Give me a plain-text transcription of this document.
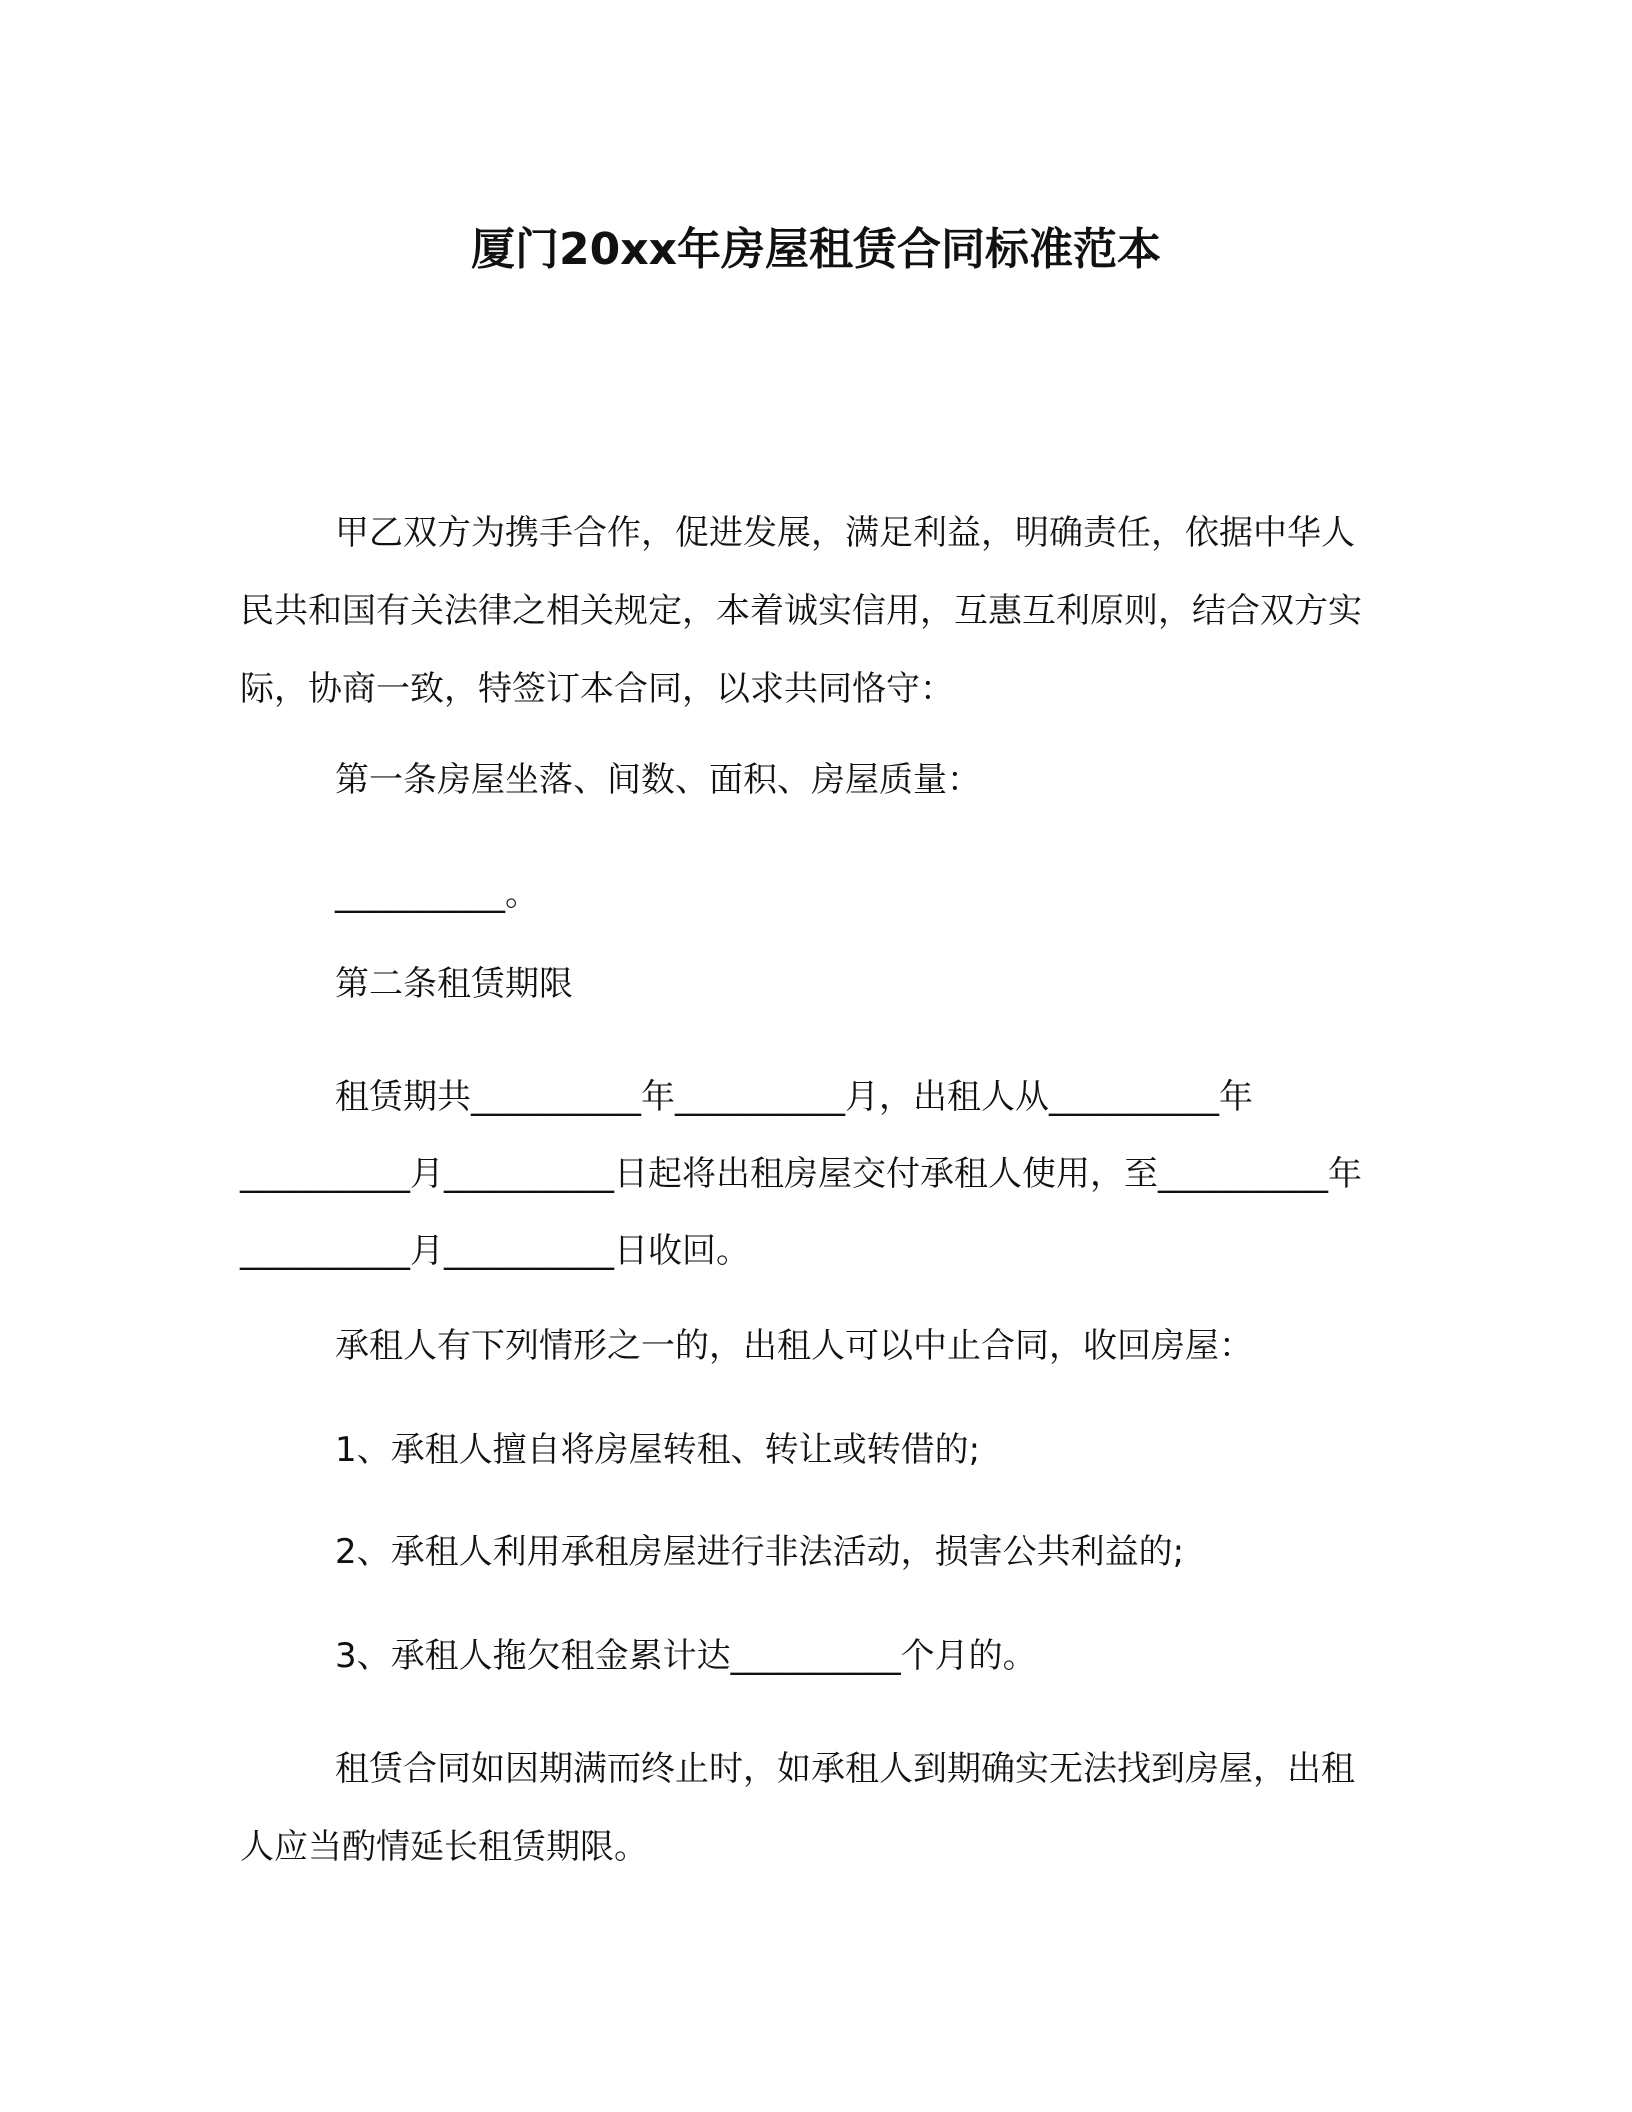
厦门20xx年房屋租赁合同标准范本

甲乙双方为携手合作，促进发展，满足利益，明确责任，依据中华人民共和国有关法律之相关规定，本着诚实信用，互惠互利原则，结合双方实际，协商一致，特签订本合同，以求共同恪守：

第一条房屋坐落、间数、面积、房屋质量：

__________。

第二条租赁期限

租赁期共__________年__________月，出租人从__________年__________月__________日起将出租房屋交付承租人使用，至__________年__________月__________日收回。

承租人有下列情形之一的，出租人可以中止合同，收回房屋：

1、承租人擅自将房屋转租、转让或转借的;

2、承租人利用承租房屋进行非法活动，损害公共利益的;

3、承租人拖欠租金累计达__________个月的。

租赁合同如因期满而终止时，如承租人到期确实无法找到房屋，出租人应当酌情延长租赁期限。
